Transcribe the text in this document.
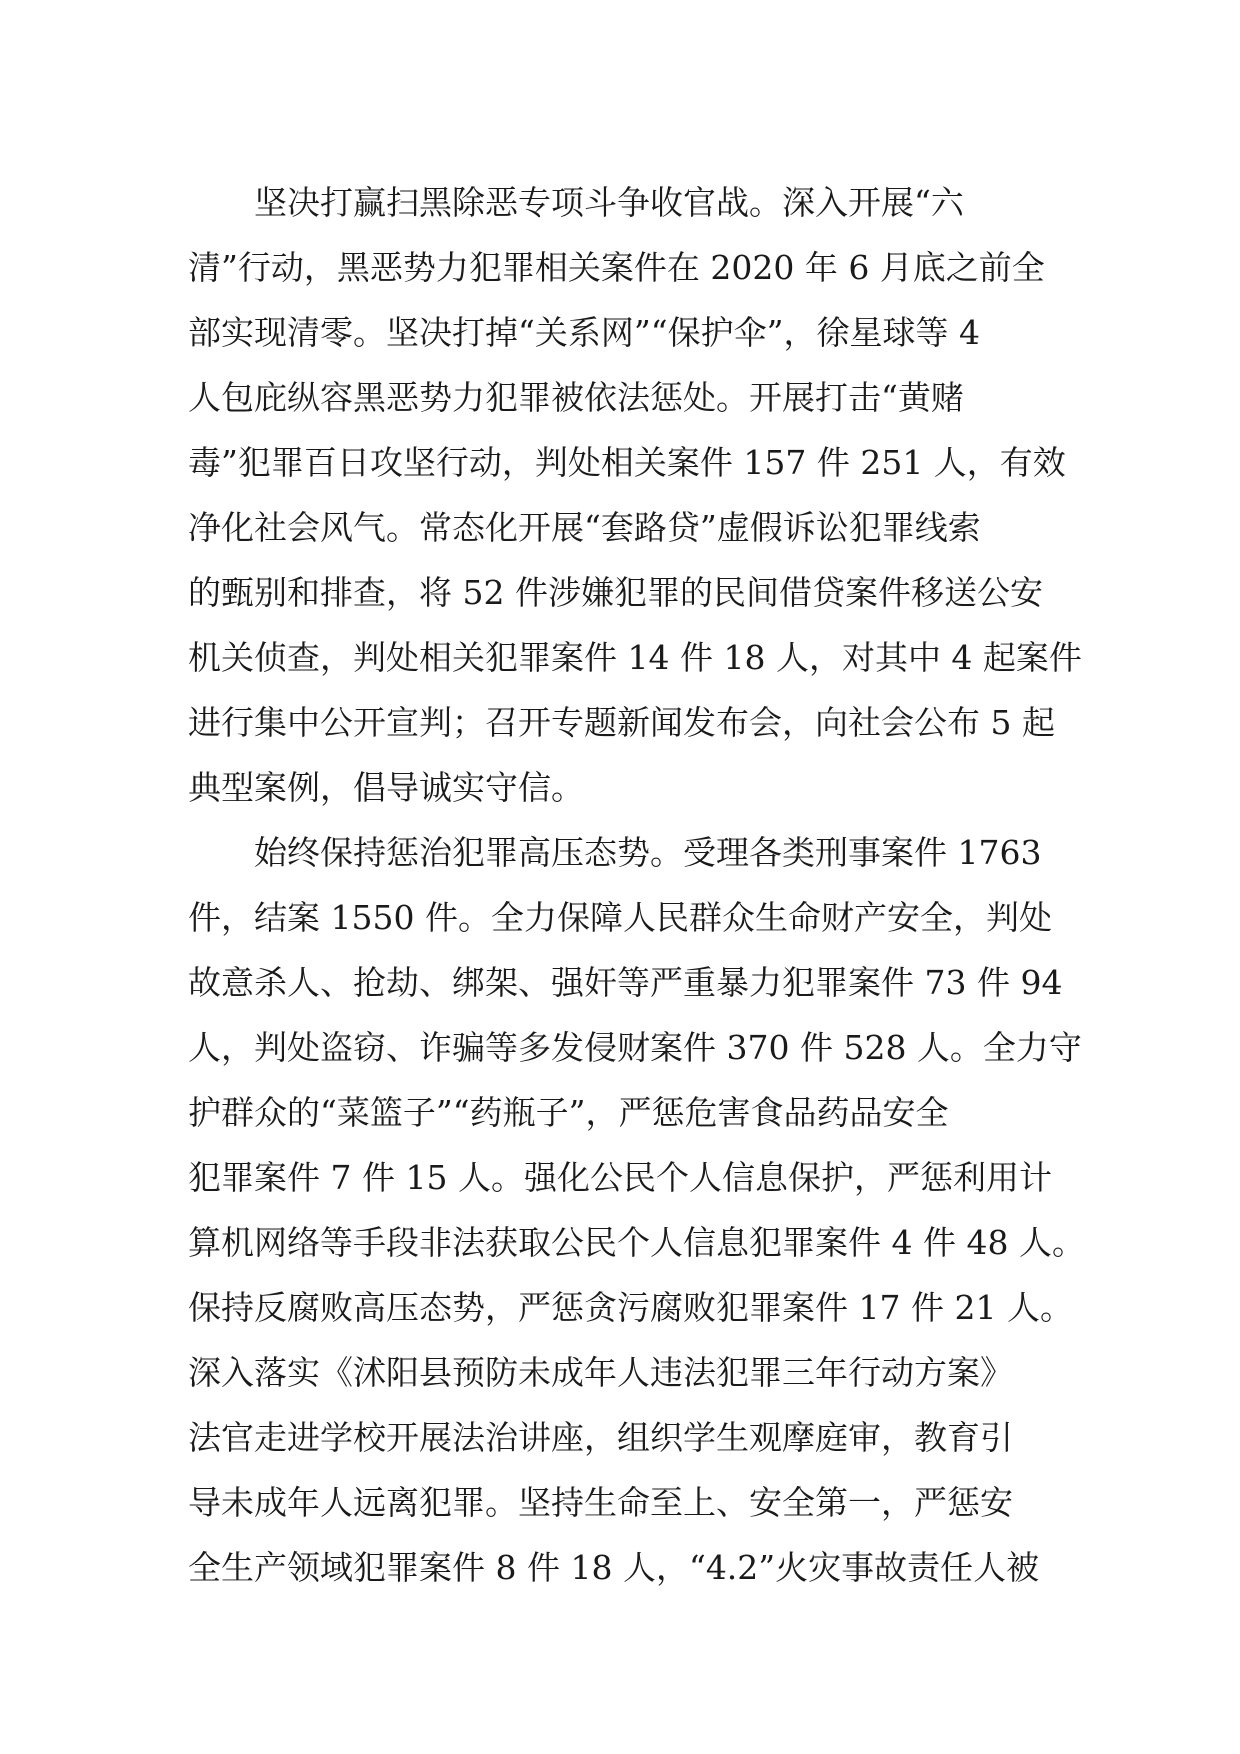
坚决打赢扫黑除恶专项斗争收官战。深入开展“六
清”行动，黑恶势力犯罪相关案件在 2020 年 6 月底之前全
部实现清零。坚决打掉“关系网”“保护伞”，徐星球等 4
人包庇纵容黑恶势力犯罪被依法惩处。开展打击“黄赌
毒”犯罪百日攻坚行动，判处相关案件 157 件 251 人，有效
净化社会风气。常态化开展“套路贷”虚假诉讼犯罪线索
的甄别和排查，将 52 件涉嫌犯罪的民间借贷案件移送公安
机关侦查，判处相关犯罪案件 14 件 18 人，对其中 4 起案件
进行集中公开宣判；召开专题新闻发布会，向社会公布 5 起
典型案例，倡导诚实守信。
始终保持惩治犯罪高压态势。受理各类刑事案件 1763
件，结案 1550 件。全力保障人民群众生命财产安全，判处
故意杀人、抢劫、绑架、强奸等严重暴力犯罪案件 73 件 94
人，判处盗窃、诈骗等多发侵财案件 370 件 528 人。全力守
护群众的“菜篮子”“药瓶子”，严惩危害食品药品安全
犯罪案件 7 件 15 人。强化公民个人信息保护，严惩利用计
算机网络等手段非法获取公民个人信息犯罪案件 4 件 48 人。
保持反腐败高压态势，严惩贪污腐败犯罪案件 17 件 21 人。
深入落实《沭阳县预防未成年人违法犯罪三年行动方案》
法官走进学校开展法治讲座，组织学生观摩庭审，教育引
导未成年人远离犯罪。坚持生命至上、安全第一，严惩安
全生产领域犯罪案件 8 件 18 人，“4.2”火灾事故责任人被
